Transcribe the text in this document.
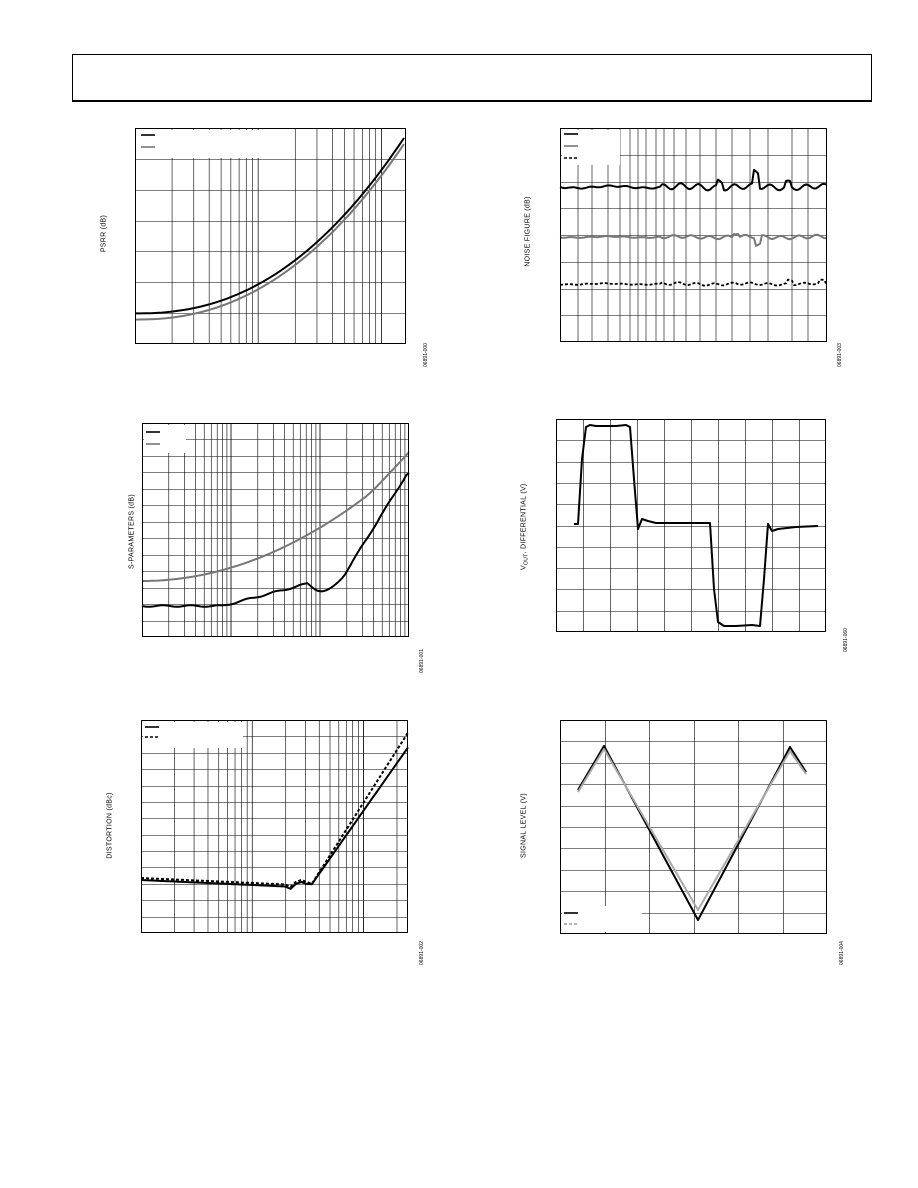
PSRR (dB)
06891-000
NOISE FIGURE (dB)
06891-003
S-PARAMETERS (dB)
06891-001
$V_{OUT}$, DIFFERENTIAL (V)
06891-060
DISTORTION (dBc)
06891-002
SIGNAL LEVEL (V)
06891-004
